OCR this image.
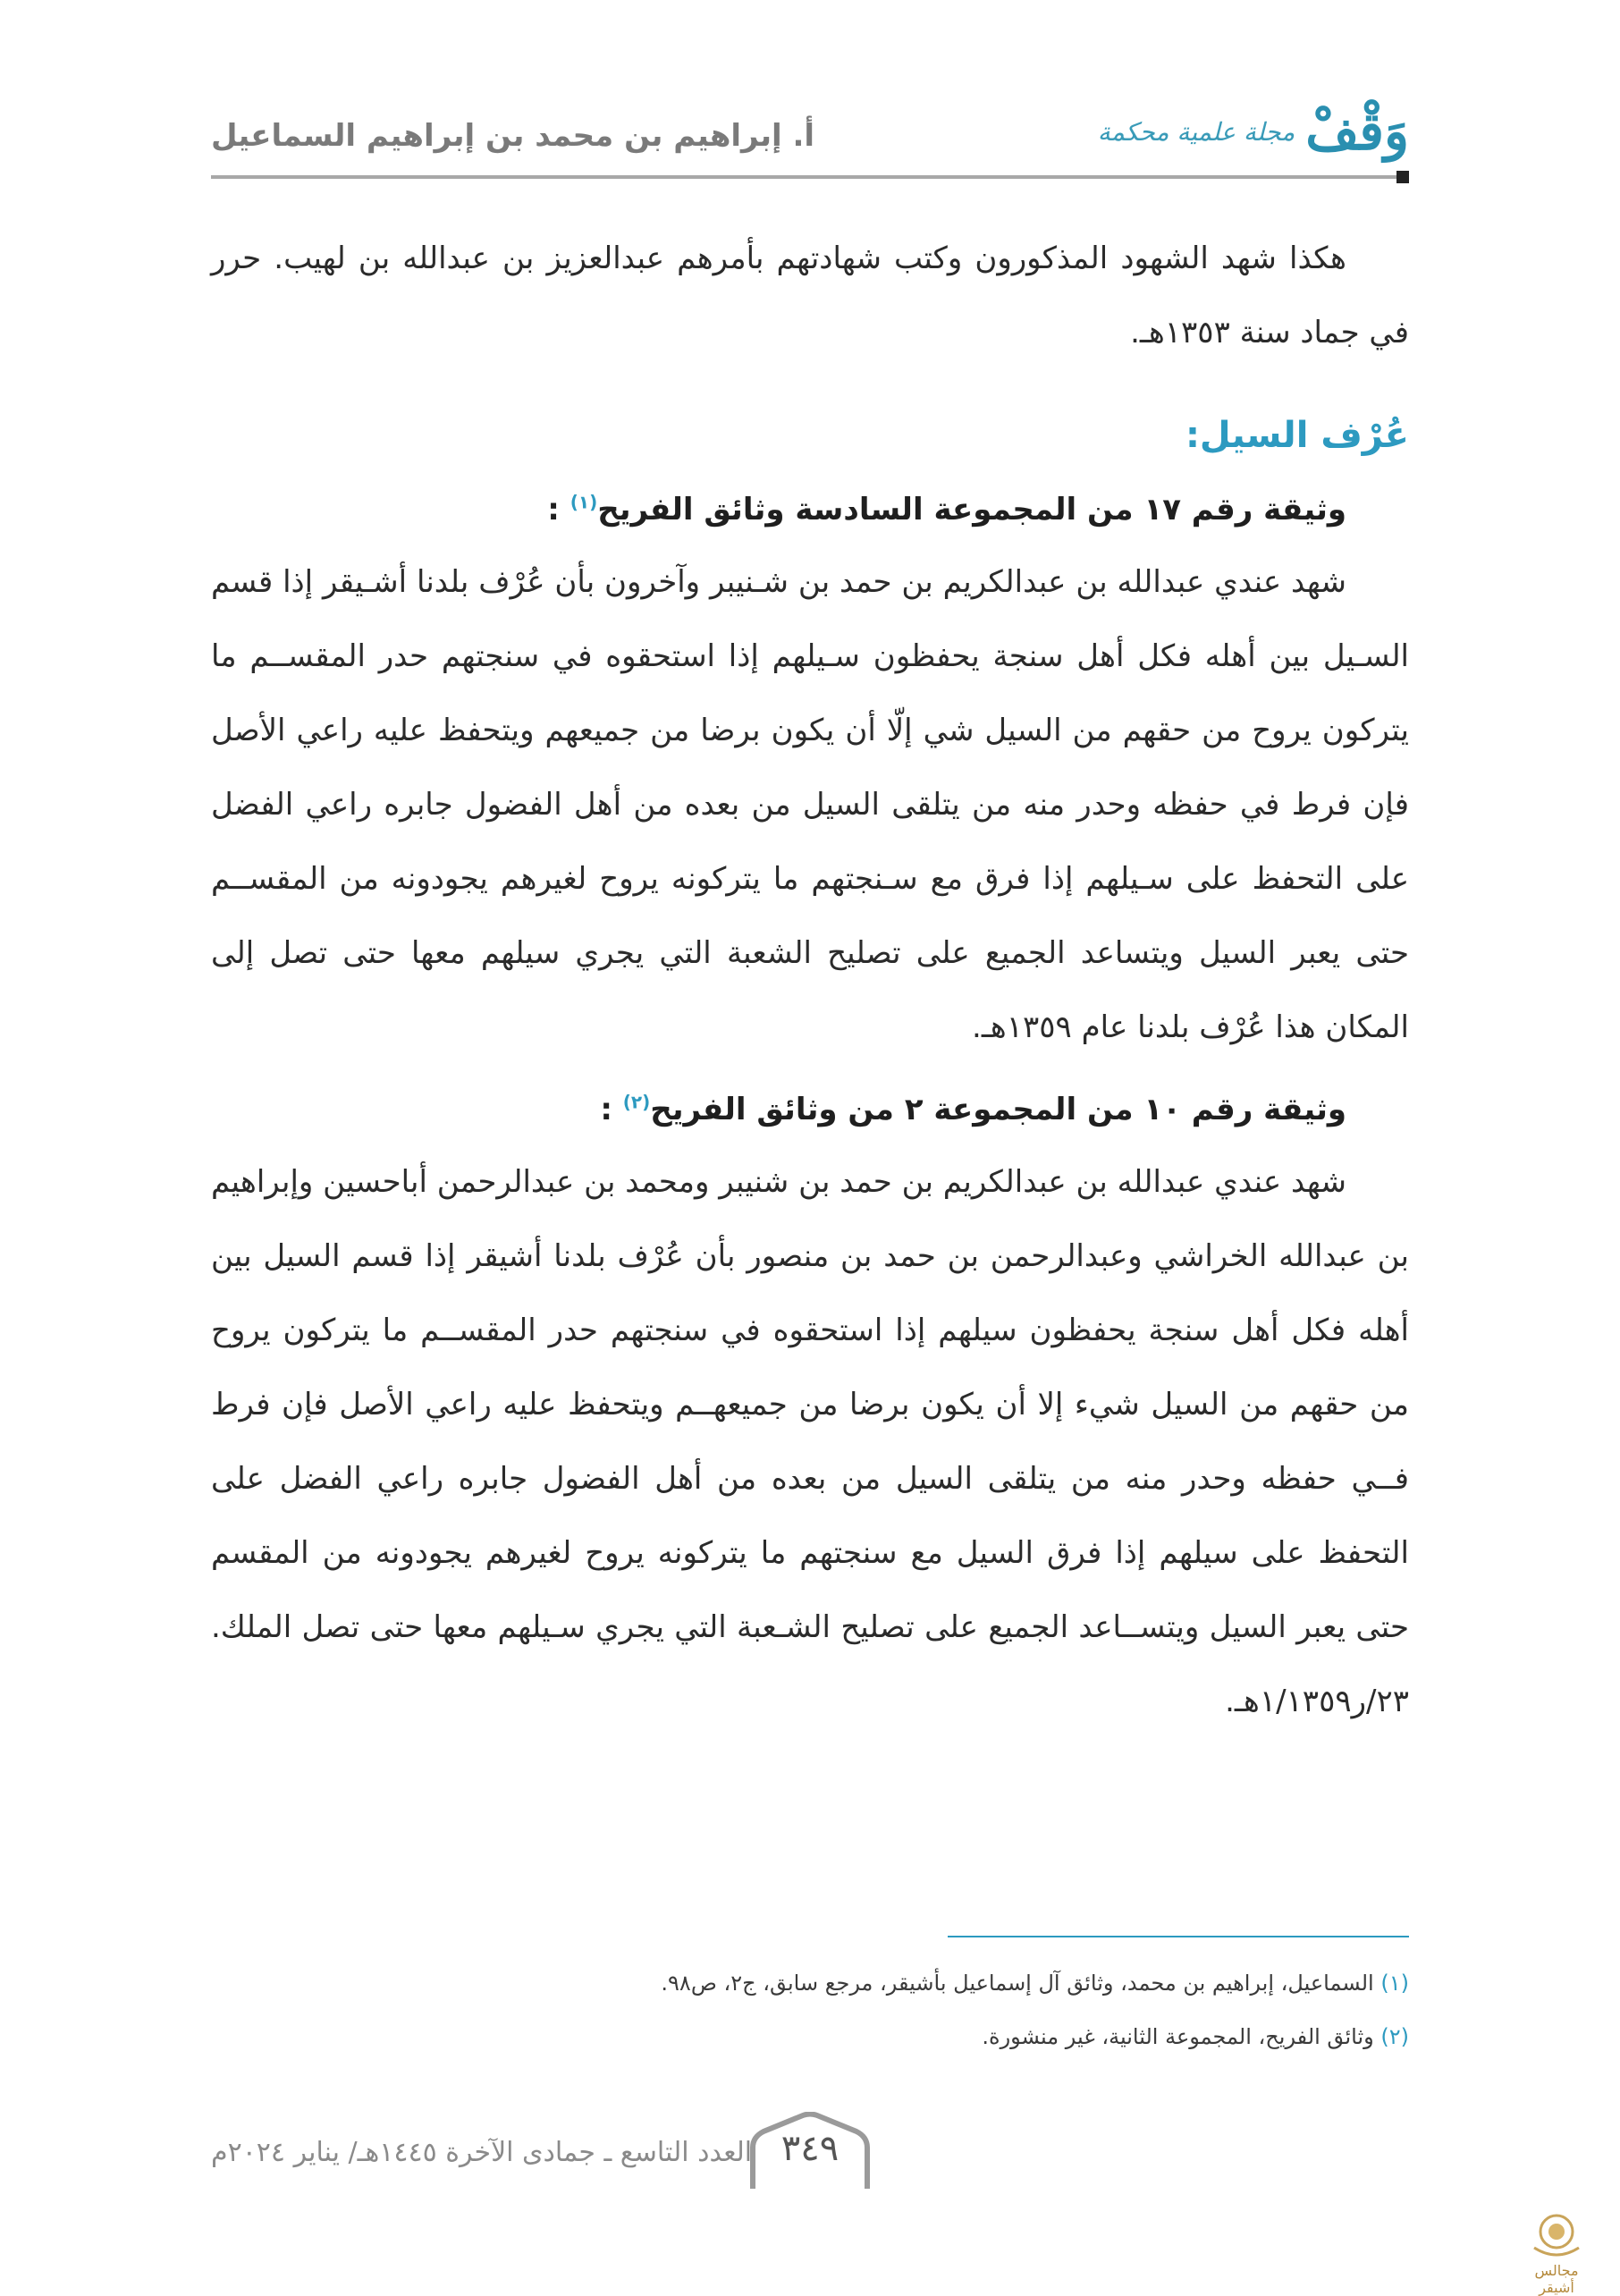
وَقْفْ
مجلة علمية محكمة
أ. إبراهيم بن محمد بن إبراهيم السماعيل

هكذا شهد الشهود المذكورون وكتب شهادتهم بأمرهم عبدالعزيز بن عبدالله بن لهيب. حرر في جماد سنة ١٣٥٣هـ.

عُرْف السيل:

وثيقة رقم ١٧ من المجموعة السادسة وثائق الفريح$^{(١)}$ :

شهد عندي عبدالله بن عبدالكريم بن حمد بن شـنيبر وآخرون بأن عُرْف بلدنا أشـيقر إذا قسم السـيل بين أهله فكل أهل سنجة يحفظون سـيلهم إذا استحقوه في سنجتهم حدر المقســم ما يتركون يروح من حقهم من السيل شي إلّا أن يكون برضا من جميعهم ويتحفظ عليه راعي الأصل فإن فرط في حفظه وحدر منه من يتلقى السيل من بعده من أهل الفضول جابره راعي الفضل على التحفظ على سـيلهم إذا فرق مع سـنجتهم ما يتركونه يروح لغيرهم يجودونه من المقســم حتى يعبر السيل ويتساعد الجميع على تصليح الشعبة التي يجري سيلهم معها حتى تصل إلى المكان هذا عُرْف بلدنا عام ١٣٥٩هـ.

وثيقة رقم ١٠ من المجموعة ٢ من وثائق الفريح$^{(٢)}$ :

شهد عندي عبدالله بن عبدالكريم بن حمد بن شنيبر ومحمد بن عبدالرحمن أباحسين وإبراهيم بن عبدالله الخراشي وعبدالرحمن بن حمد بن منصور بأن عُرْف بلدنا أشيقر إذا قسم السيل بين أهله فكل أهل سنجة يحفظون سيلهم إذا استحقوه في سنجتهم حدر المقســم ما يتركون يروح من حقهم من السيل شيء إلا أن يكون برضا من جميعهــم ويتحفظ عليه راعي الأصل فإن فرط فــي حفظه وحدر منه من يتلقى السيل من بعده من أهل الفضول جابره راعي الفضل على التحفظ على سيلهم إذا فرق السيل مع سنجتهم ما يتركونه يروح لغيرهم يجودونه من المقسم حتى يعبر السيل ويتســاعد الجميع على تصليح الشـعبة التي يجري سـيلهم معها حتى تصل الملك. ٢٣/ر١/١٣٥٩هـ.

(١) السماعيل، إبراهيم بن محمد، وثائق آل إسماعيل بأشيقر، مرجع سابق، ج٢، ص٩٨.

(٢) وثائق الفريح، المجموعة الثانية، غير منشورة.

العدد التاسع ـ جمادى الآخرة ١٤٤٥هـ/ يناير ٢٠٢٤م ٣٤٩
مجالس أشيقر
